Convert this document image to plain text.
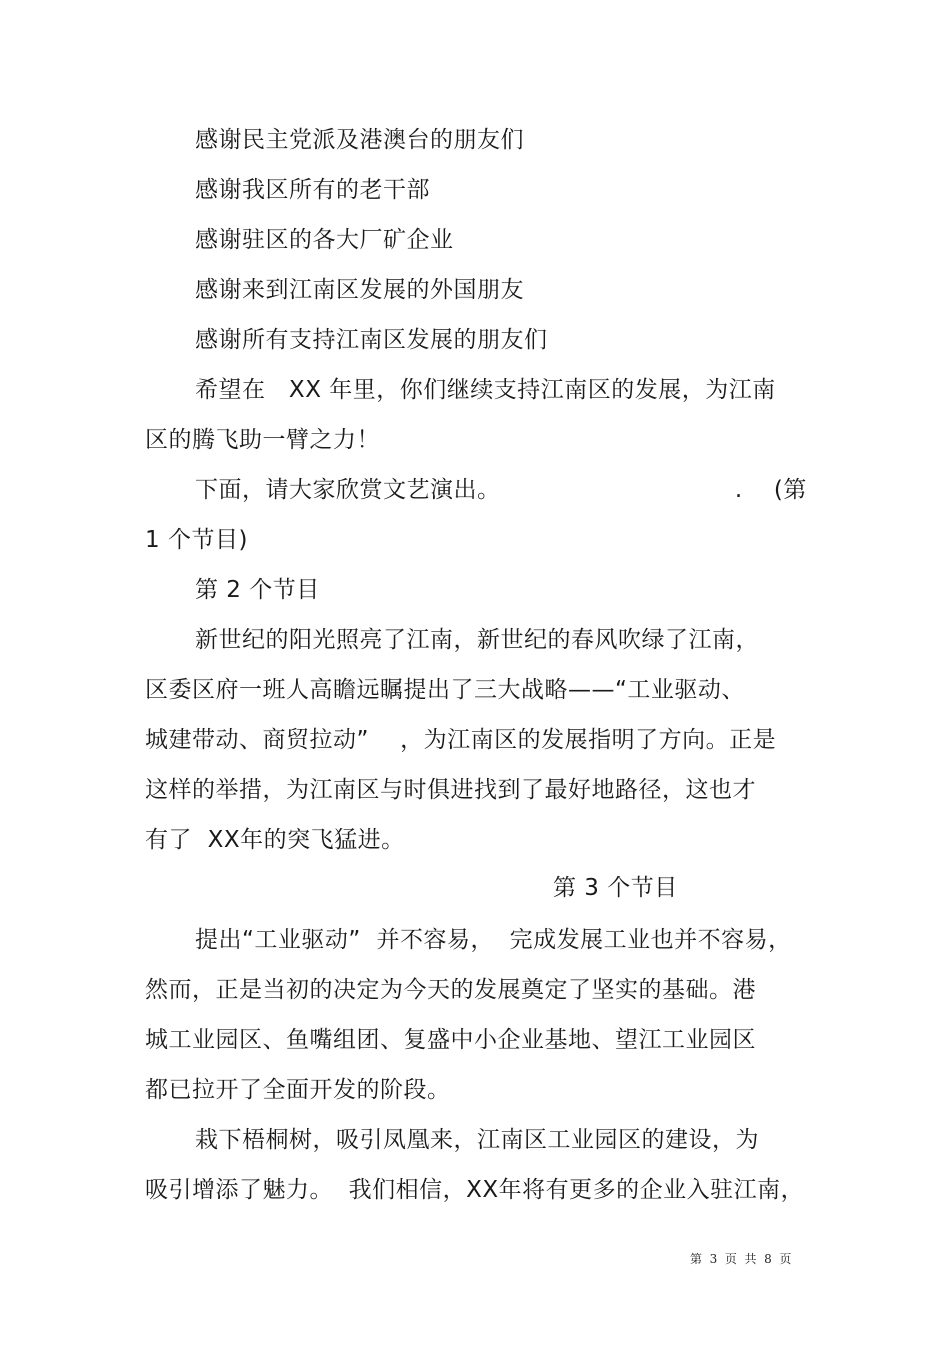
感谢民主党派及港澳台的朋友们
感谢我区所有的老干部
感谢驻区的各大厂矿企业
感谢来到江南区发展的外国朋友
感谢所有支持江南区发展的朋友们
希望在   XX 年里，你们继续支持江南区的发展，为江南
区的腾飞助一臂之力！
下面，请大家欣赏文艺演出。                              .    (第
1 个节目)
第 2 个节目
新世纪的阳光照亮了江南，新世纪的春风吹绿了江南，
区委区府一班人高瞻远瞩提出了三大战略——“工业驱动、
城建带动、商贸拉动”    ，为江南区的发展指明了方向。正是
这样的举措，为江南区与时俱进找到了最好地路径，这也才
有了  XX年的突飞猛进。
第 3 个节目
提出“工业驱动”  并不容易，  完成发展工业也并不容易，
然而，正是当初的决定为今天的发展奠定了坚实的基础。港
城工业园区、鱼嘴组团、复盛中小企业基地、望江工业园区
都已拉开了全面开发的阶段。
栽下梧桐树，吸引凤凰来，江南区工业园区的建设，为
吸引增添了魅力。  我们相信，XX年将有更多的企业入驻江南，
第  3  页  共  8  页
